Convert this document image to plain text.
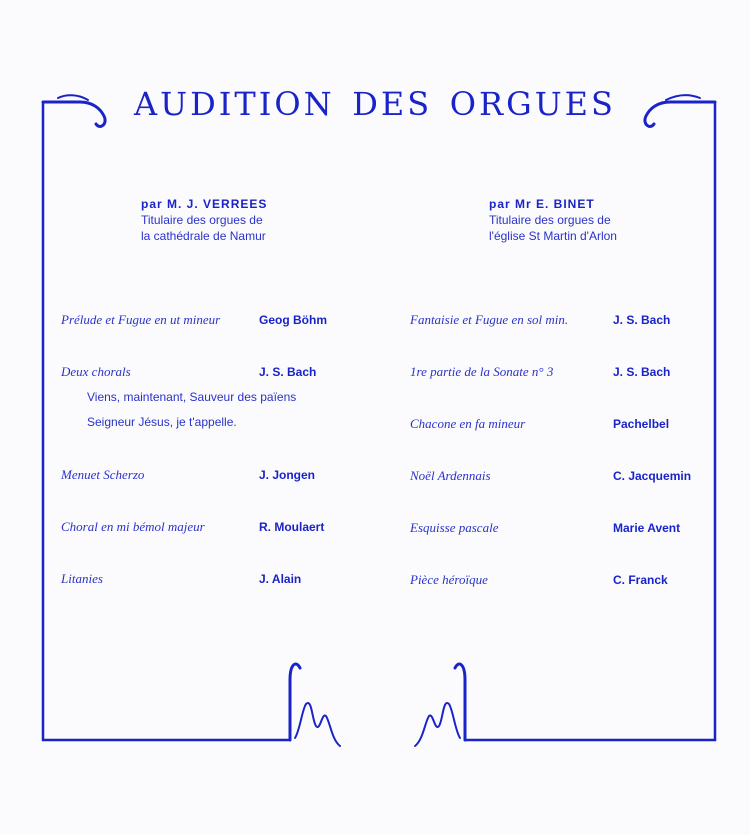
audition des orgues
par M. J. VERREES
Titulaire des orgues de
la cathédrale de Namur
par Mr E. BINET
Titulaire des orgues de
l'église St Martin d'Arlon
Prélude et Fugue en ut mineur	Geog Böhm
Deux chorals	J. S. Bach
Viens, maintenant, Sauveur des païens
Seigneur Jésus, je t'appelle.
Menuet Scherzo	J. Jongen
Choral en mi bémol majeur	R. Moulaert
Litanies	J. Alain
Fantaisie et Fugue en sol min.	J. S. Bach
1re partie de la Sonate n° 3	J. S. Bach
Chacone en fa mineur	Pachelbel
Noël Ardennais	C. Jacquemin
Esquisse pascale	Marie Avent
Pièce héroïque	C. Franck
